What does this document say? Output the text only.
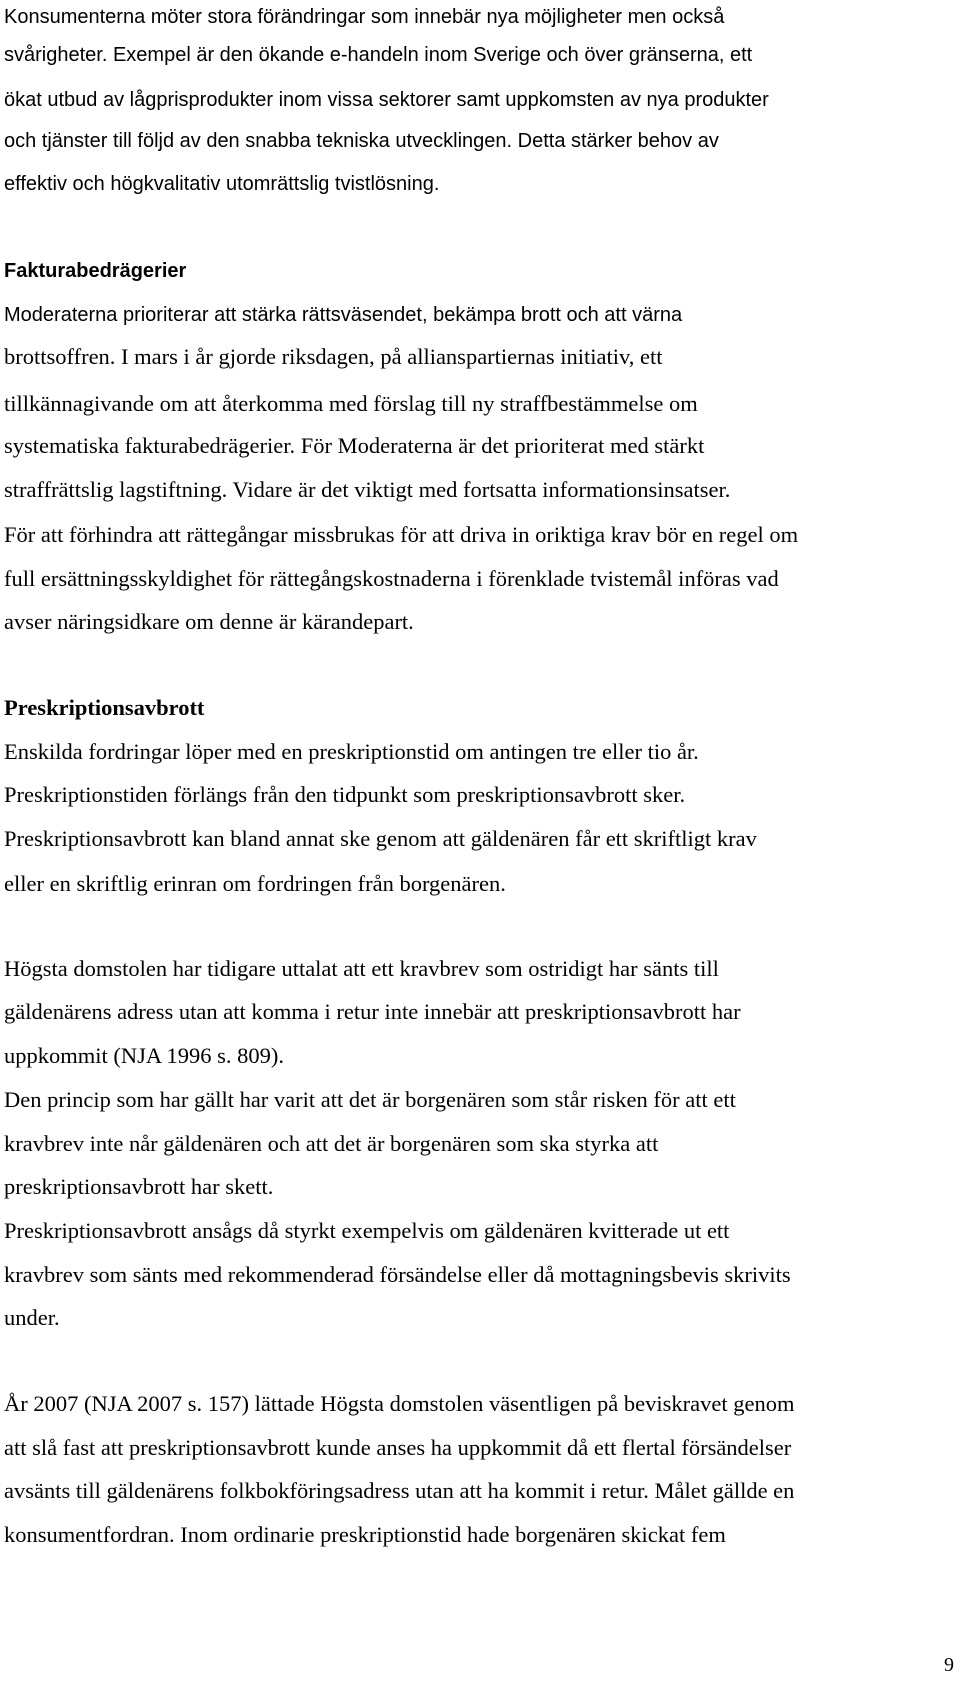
Konsumenterna möter stora förändringar som innebär nya möjligheter men också
svårigheter. Exempel är den ökande e-handeln inom Sverige och över gränserna, ett
ökat utbud av lågprisprodukter inom vissa sektorer samt uppkomsten av nya produkter
och tjänster till följd av den snabba tekniska utvecklingen. Detta stärker behov av
effektiv och högkvalitativ utomrättslig tvistlösning.
Fakturabedrägerier
Moderaterna prioriterar att stärka rättsväsendet, bekämpa brott och att värna
brottsoffren. I mars i år gjorde riksdagen, på allianspartiernas initiativ, ett
tillkännagivande om att återkomma med förslag till ny straffbestämmelse om
systematiska fakturabedrägerier. För Moderaterna är det prioriterat med stärkt
straffrättslig lagstiftning. Vidare är det viktigt med fortsatta informationsinsatser.
För att förhindra att rättegångar missbrukas för att driva in oriktiga krav bör en regel om
full ersättningsskyldighet för rättegångskostnaderna i förenklade tvistemål införas vad
avser näringsidkare om denne är kärandepart.
Preskriptionsavbrott
Enskilda fordringar löper med en preskriptionstid om antingen tre eller tio år.
Preskriptionstiden förlängs från den tidpunkt som preskriptionsavbrott sker.
Preskriptionsavbrott kan bland annat ske genom att gäldenären får ett skriftligt krav
eller en skriftlig erinran om fordringen från borgenären.
Högsta domstolen har tidigare uttalat att ett kravbrev som ostridigt har sänts till
gäldenärens adress utan att komma i retur inte innebär att preskriptionsavbrott har
uppkommit (NJA 1996 s. 809).
Den princip som har gällt har varit att det är borgenären som står risken för att ett
kravbrev inte når gäldenären och att det är borgenären som ska styrka att
preskriptionsavbrott har skett.
Preskriptionsavbrott ansågs då styrkt exempelvis om gäldenären kvitterade ut ett
kravbrev som sänts med rekommenderad försändelse eller då mottagningsbevis skrivits
under.
År 2007 (NJA 2007 s. 157) lättade Högsta domstolen väsentligen på beviskravet genom
att slå fast att preskriptionsavbrott kunde anses ha uppkommit då ett flertal försändelser
avsänts till gäldenärens folkbokföringsadress utan att ha kommit i retur. Målet gällde en
konsumentfordran. Inom ordinarie preskriptionstid hade borgenären skickat fem
9
